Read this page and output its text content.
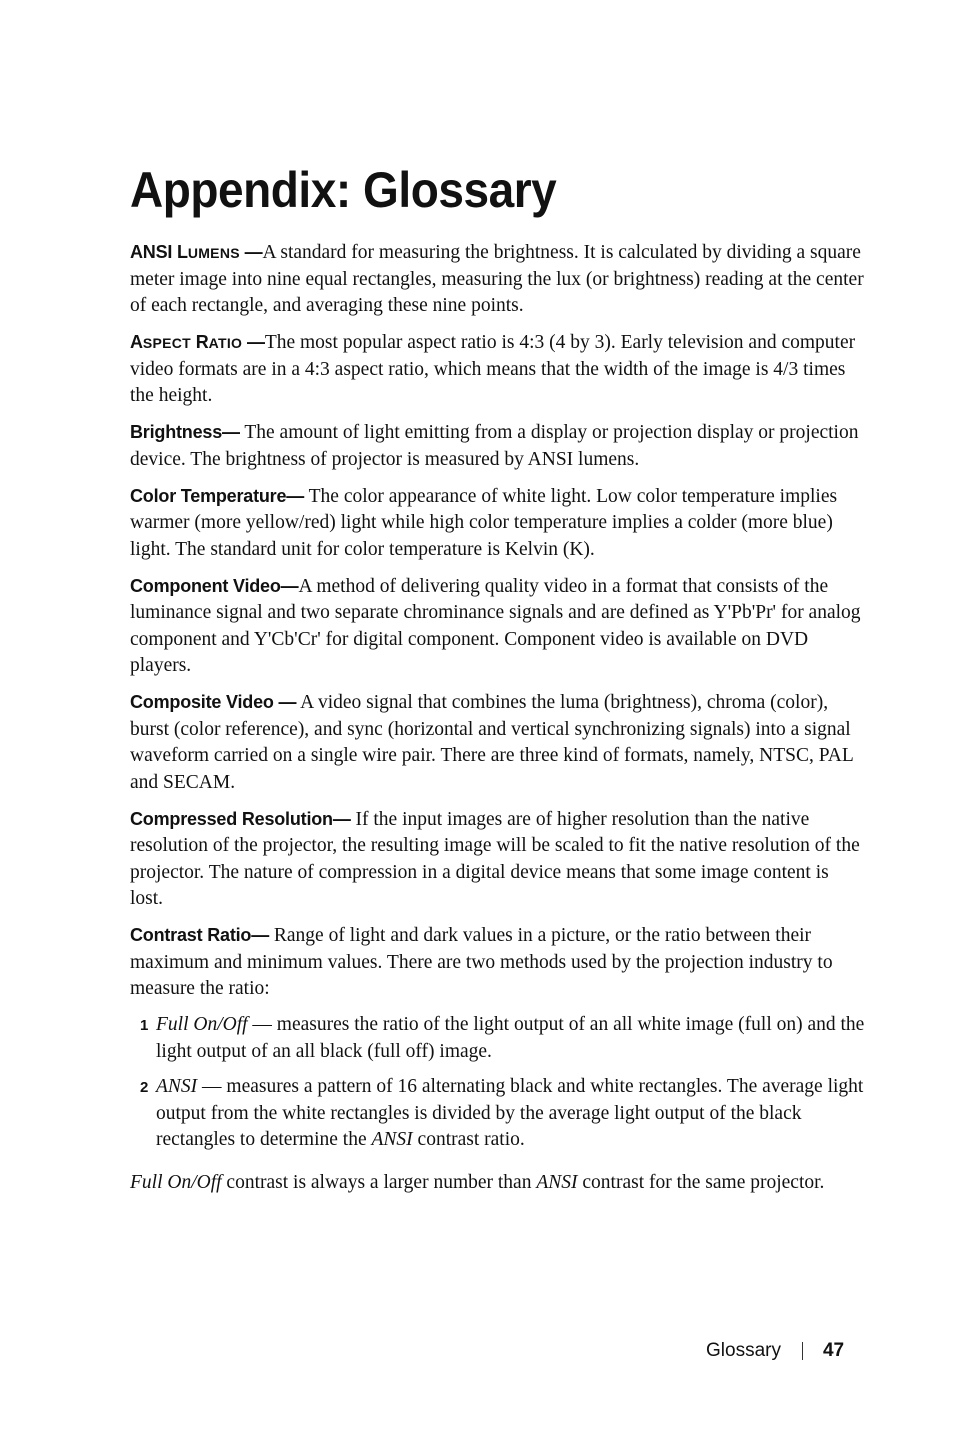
Appendix: Glossary

ANSI LUMENS —A standard for measuring the brightness. It is calculated by dividing a square meter image into nine equal rectangles, measuring the lux (or brightness) reading at the center of each rectangle, and averaging these nine points.

ASPECT RATIO —The most popular aspect ratio is 4:3 (4 by 3). Early television and computer video formats are in a 4:3 aspect ratio, which means that the width of the image is 4/3 times the height.

Brightness— The amount of light emitting from a display or projection display or projection device. The brightness of projector is measured by ANSI lumens.

Color Temperature— The color appearance of white light. Low color temperature implies warmer (more yellow/red) light while high color temperature implies a colder (more blue) light. The standard unit for color temperature is Kelvin (K).

Component Video—A method of delivering quality video in a format that consists of the luminance signal and two separate chrominance signals and are defined as Y'Pb'Pr' for analog component and Y'Cb'Cr' for digital component. Component video is available on DVD players.

Composite Video — A video signal that combines the luma (brightness), chroma (color), burst (color reference), and sync (horizontal and vertical synchronizing signals) into a signal waveform carried on a single wire pair. There are three kind of formats, namely, NTSC, PAL and SECAM.

Compressed Resolution— If the input images are of higher resolution than the native resolution of the projector, the resulting image will be scaled to fit the native resolution of the projector. The nature of compression in a digital device means that some image content is lost.

Contrast Ratio— Range of light and dark values in a picture, or the ratio between their maximum and minimum values. There are two methods used by the projection industry to measure the ratio:

1 Full On/Off — measures the ratio of the light output of an all white image (full on) and the light output of an all black (full off) image.

2 ANSI — measures a pattern of 16 alternating black and white rectangles. The average light output from the white rectangles is divided by the average light output of the black rectangles to determine the ANSI contrast ratio.

Full On/Off contrast is always a larger number than ANSI contrast for the same projector.

Glossary 47
